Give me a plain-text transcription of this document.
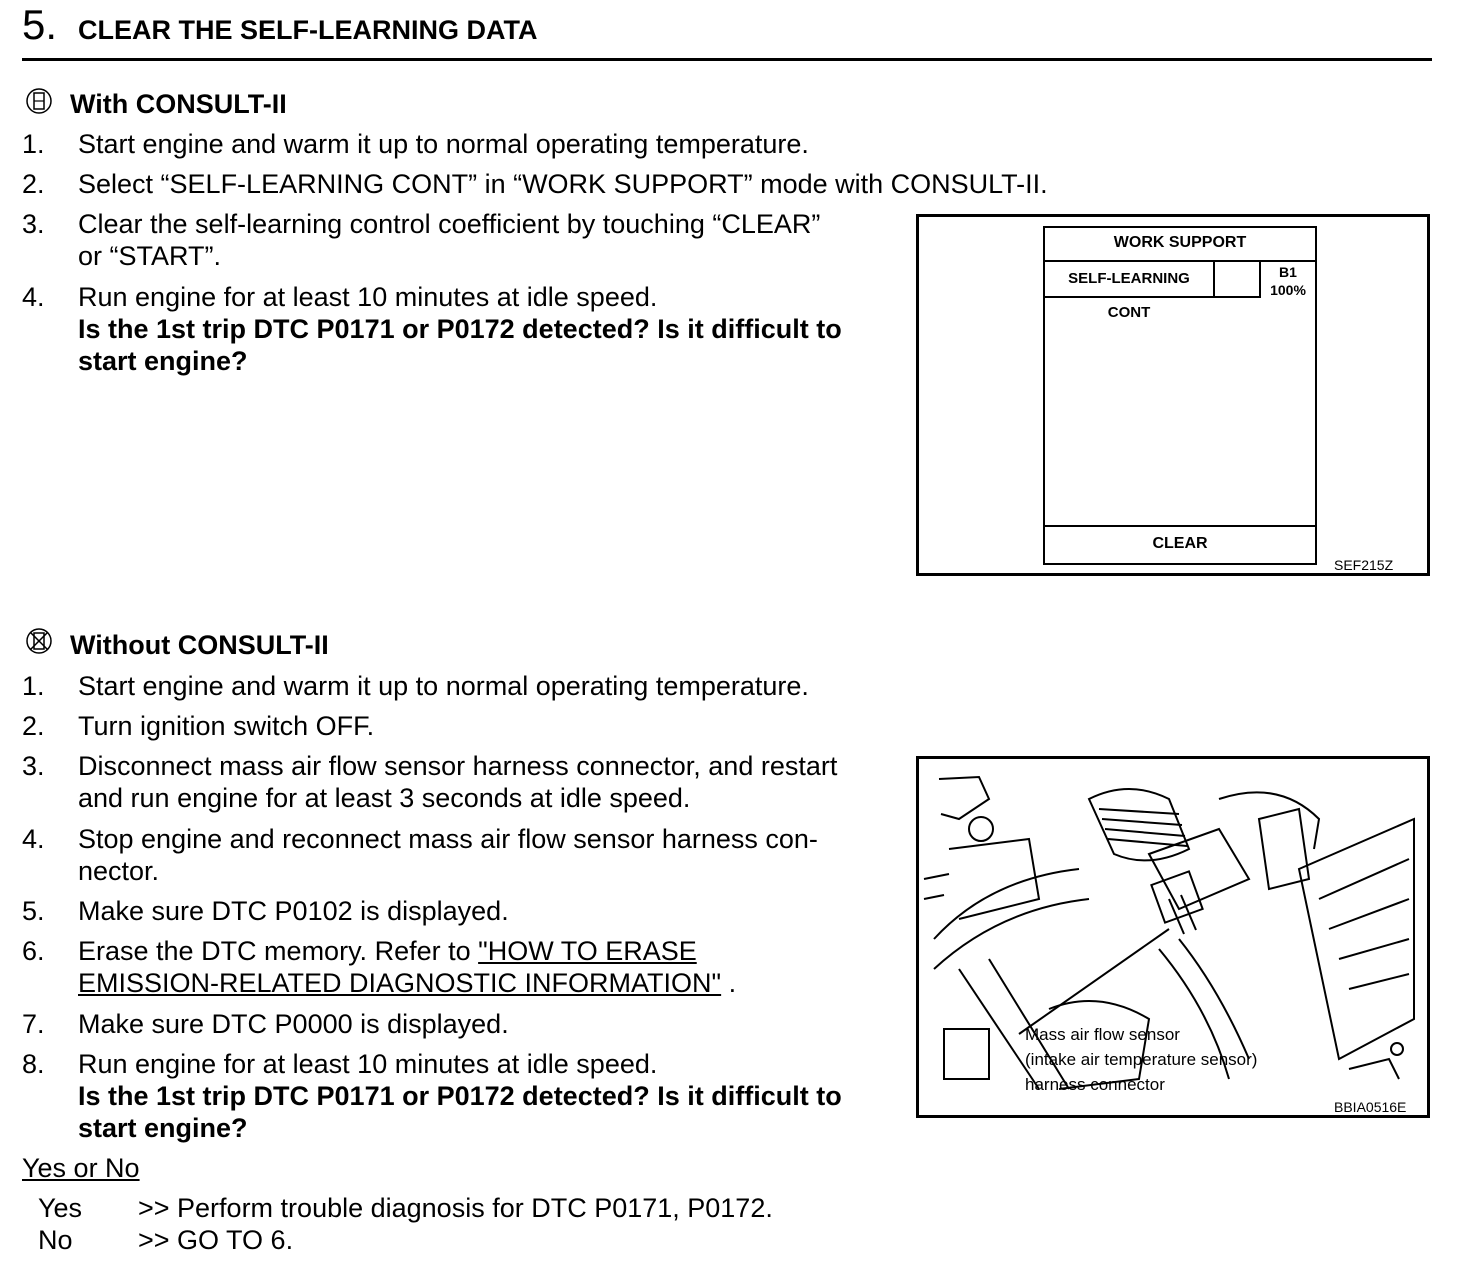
5. CLEAR THE SELF-LEARNING DATA
With CONSULT-II
1.	Start engine and warm it up to normal operating temperature.
2.	Select “SELF-LEARNING CONT” in “WORK SUPPORT” mode with CONSULT-II.
3.	Clear the self-learning control coefficient by touching “CLEAR”
or “START”.
4.	Run engine for at least 10 minutes at idle speed.
Is the 1st trip DTC P0171 or P0172 detected? Is it difficult to
start engine?
WORK SUPPORT
SELF-LEARNING CONT
B1
100%
CLEAR
SEF215Z
Without CONSULT-II
1.	Start engine and warm it up to normal operating temperature.
2.	Turn ignition switch OFF.
3.	Disconnect mass air flow sensor harness connector, and restart
and run engine for at least 3 seconds at idle speed.
4.	Stop engine and reconnect mass air flow sensor harness con-
nector.
5.	Make sure DTC P0102 is displayed.
6.	Erase the DTC memory. Refer to "HOW TO ERASE
EMISSION-RELATED DIAGNOSTIC INFORMATION" .
7.	Make sure DTC P0000 is displayed.
8.	Run engine for at least 10 minutes at idle speed.
Is the 1st trip DTC P0171 or P0172 detected? Is it difficult to
start engine?
Mass air flow sensor
(intake air temperature sensor)
harness connector
BBIA0516E
Yes or No
Yes >> Perform trouble diagnosis for DTC P0171, P0172.
No >> GO TO 6.
